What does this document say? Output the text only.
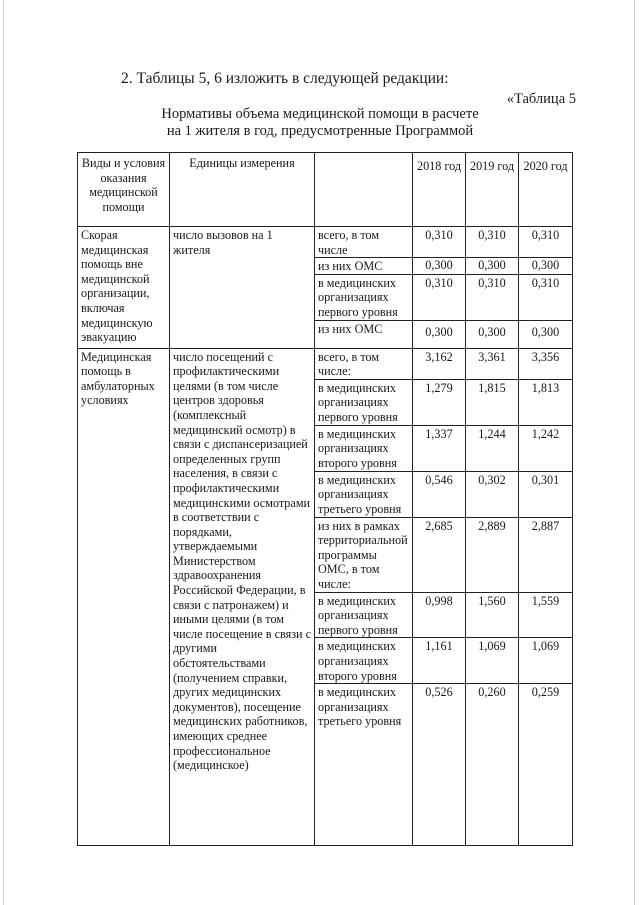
2. Таблицы 5, 6 изложить в следующей редакции:
«Таблица 5
Нормативы объема медицинской помощи в расчете
на 1 жителя в год, предусмотренные Программой
Виды и условия оказания медицинской помощи	Единицы измерения		2018 год	2019 год	2020 год
Скорая медицинская помощь вне медицинской организации, включая медицинскую эвакуацию	число вызовов на 1 жителя	всего, в том числе	0,310	0,310	0,310
		из них ОМС	0,300	0,300	0,300
		в медицинских организациях первого уровня	0,310	0,310	0,310
		из них ОМС	0,300	0,300	0,300
Медицинская помощь в амбулаторных условиях	число посещений с профилактическими целями (в том числе центров здоровья (комплексный медицинский осмотр) в связи с диспансеризацией определенных групп населения, в связи с профилактическими медицинскими осмотрами в соответствии с порядками, утверждаемыми Министерством здравоохранения Российской Федерации, в связи с патронажем) и иными целями (в том числе посещение в связи с другими обстоятельствами (получением справки, других медицинских документов), посещение медицинских работников, имеющих среднее профессиональное (медицинское)	всего, в том числе:	3,162	3,361	3,356
		в медицинских организациях первого уровня	1,279	1,815	1,813
		в медицинских организациях второго уровня	1,337	1,244	1,242
		в медицинских организациях третьего уровня	0,546	0,302	0,301
		из них в рамках территориальной программы ОМС, в том числе:	2,685	2,889	2,887
		в медицинских организациях первого уровня	0,998	1,560	1,559
		в медицинских организациях второго уровня	1,161	1,069	1,069
		в медицинских организациях третьего уровня	0,526	0,260	0,259
